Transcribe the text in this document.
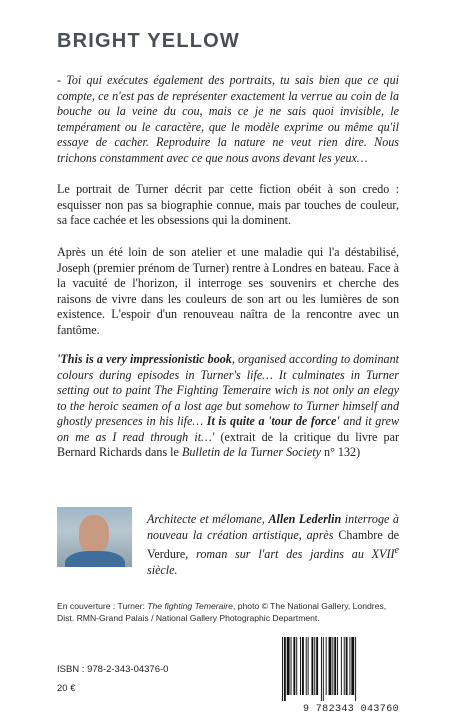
BRIGHT YELLOW
- Toi qui exécutes également des portraits, tu sais bien que ce qui compte, ce n'est pas de représenter exactement la verrue au coin de la bouche ou la veine du cou, mais ce je ne sais quoi invisible, le tempérament ou le caractère, que le modèle exprime ou même qu'il essaye de cacher. Reproduire la nature ne veut rien dire. Nous trichons constamment avec ce que nous avons devant les yeux…
Le portrait de Turner décrit par cette fiction obéit à son credo : esquisser non pas sa biographie connue, mais par touches de couleur, sa face cachée et les obsessions qui la dominent.
Après un été loin de son atelier et une maladie qui l'a déstabilisé, Joseph (premier prénom de Turner) rentre à Londres en bateau. Face à la vacuité de l'horizon, il interroge ses souvenirs et cherche des raisons de vivre dans les couleurs de son art ou les lumières de son existence. L'espoir d'un renouveau naîtra de la rencontre avec un fantôme.
'This is a very impressionistic book, organised according to dominant colours during episodes in Turner's life… It culminates in Turner setting out to paint The Fighting Temeraire wich is not only an elegy to the heroic seamen of a lost age but somehow to Turner himself and ghostly presences in his life… It is quite a 'tour de force' and it grew on me as I read through it…' (extrait de la critique du livre par Bernard Richards dans le Bulletin de la Turner Society n° 132)
Architecte et mélomane, Allen Lederlin interroge à nouveau la création artistique, après Chambre de Verdure, roman sur l'art des jardins au XVIIe siècle.
En couverture : Turner: The fighting Temeraire, photo © The National Gallery, Londres, Dist. RMN-Grand Palais / National Gallery Photographic Department.
ISBN : 978-2-343-04376-0
20 €
9 782343 043760
